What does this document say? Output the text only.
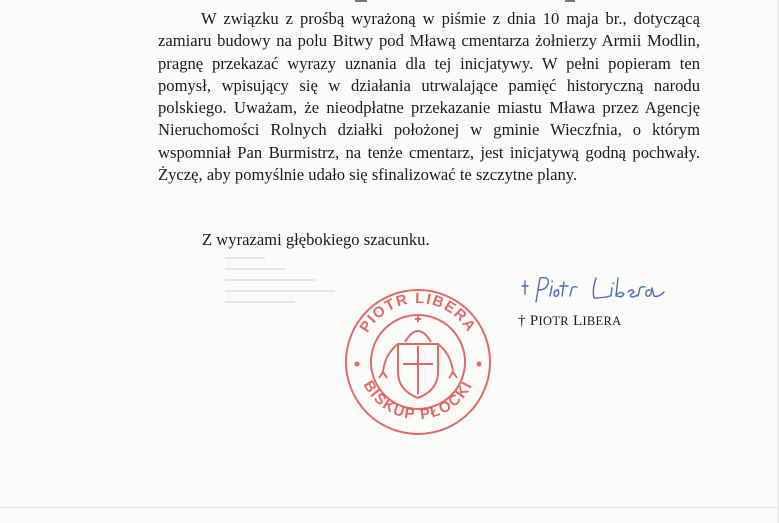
W związku z prośbą wyrażoną w piśmie z dnia 10 maja br., dotyczącą zamiaru budowy na polu Bitwy pod Mławą cmentarza żołnierzy Armii Modlin, pragnę przekazać wyrazy uznania dla tej inicjatywy. W pełni popieram ten pomysł, wpisujący się w działania utrwalające pamięć historyczną narodu polskiego. Uważam, że nieodpłatne przekazanie miastu Mława przez Agencję Nieruchomości Rolnych działki położonej w gminie Wieczfnia, o którym wspomniał Pan Burmistrz, na tenże cmentarz, jest inicjatywą godną pochwały. Życzę, aby pomyślnie udało się sfinalizować te szczytne plany.

Z wyrazami głębokiego szacunku.
PIOTR LIBERA
BISKUP PŁOCKI
† PIOTR LIBERA
